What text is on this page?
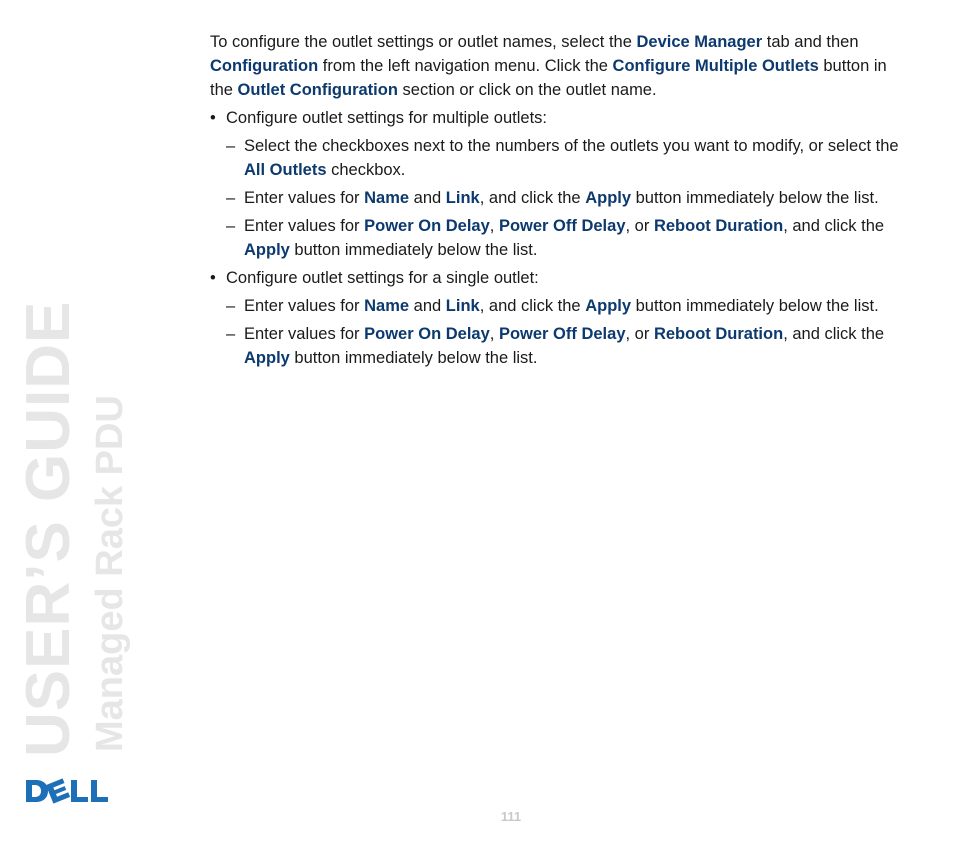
To configure the outlet settings or outlet names, select the Device Manager tab and then Configuration from the left navigation menu. Click the Configure Multiple Outlets button in the Outlet Configuration section or click on the outlet name.

• Configure outlet settings for multiple outlets:
– Select the checkboxes next to the numbers of the outlets you want to modify, or select the All Outlets checkbox.
– Enter values for Name and Link, and click the Apply button immediately below the list.
– Enter values for Power On Delay, Power Off Delay, or Reboot Duration, and click the Apply button immediately below the list.
• Configure outlet settings for a single outlet:
– Enter values for Name and Link, and click the Apply button immediately below the list.
– Enter values for Power On Delay, Power Off Delay, or Reboot Duration, and click the Apply button immediately below the list.
USER’S GUIDE Managed Rack PDU
111
